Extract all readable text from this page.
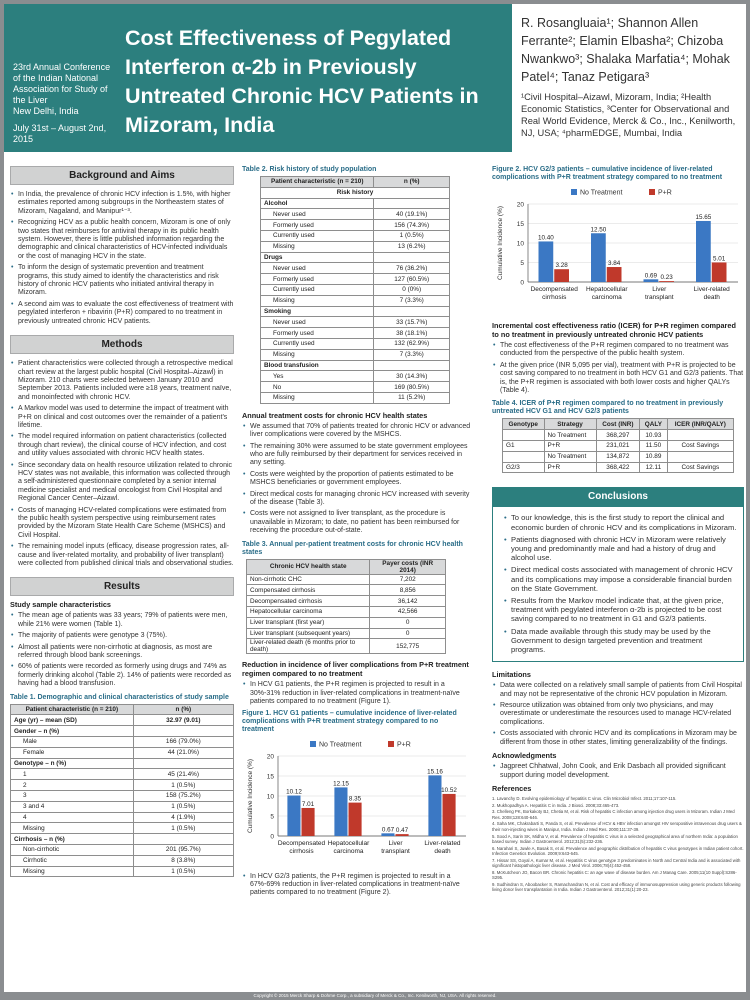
23rd Annual Conference
of the Indian National
Association for Study of
the Liver
New Delhi, India
July 31st – August 2nd, 2015
Cost Effectiveness of Pegylated Interferon α-2b in Previously Untreated Chronic HCV Patients in Mizoram, India
R. Rosangluaia¹; Shannon Allen Ferrante²; Elamin Elbasha²; Chizoba Nwankwo³; Shalaka Marfatia⁴; Mohak Patel⁴; Tanaz Petigara³
¹Civil Hospital–Aizawl, Mizoram, India; ²Health Economic Statistics, ³Center for Observational and Real World Evidence, Merck & Co., Inc., Kenilworth, NJ, USA; ⁴pharmEDGE, Mumbai, India
Background and Aims
• In India, the prevalence of chronic HCV infection is 1.5%, with higher estimates reported among subgroups in the Northeastern states of Mizoram, Nagaland, and Manipur¹⁻³.
• Recognizing HCV as a public health concern, Mizoram is one of only two states that reimburses for antiviral therapy in its public health system. However, there is little published information regarding the demographic and clinical characteristics of HCV-infected individuals or the cost of managing HCV in the state.
• To inform the design of systematic prevention and treatment programs, this study aimed to identify the characteristics and risk history of chronic HCV patients who initiated antiviral therapy in Mizoram.
• A second aim was to evaluate the cost effectiveness of treatment with pegylated interferon + ribavirin (P+R) compared to no treatment in previously untreated chronic HCV patients.
Methods
• Patient characteristics were collected through a retrospective medical chart review at the largest public hospital (Civil Hospital–Aizawl) in Mizoram. 210 charts were selected between January 2010 and September 2013. Patients included were ≥18 years, treatment naïve, and monoinfected with chronic HCV.
• A Markov model was used to determine the impact of treatment with P+R on clinical and cost outcomes over the remainder of a patient's lifetime.
• The model required information on patient characteristics (collected through chart review), the clinical course of HCV infection, and cost and utility values associated with chronic HCV health states.
• Since secondary data on health resource utilization related to chronic HCV states was not available, this information was collected through a self-administered questionnaire completed by a senior internal medicine specialist and medical oncologist from Civil Hospital and Regional Cancer Center–Aizawl.
• Costs of managing HCV-related complications were estimated from the public health system perspective using reimbursement rates provided by the Mizoram State Health Care Scheme (MSHCS) and Civil Hospital.
• The remaining model inputs (efficacy, disease progression rates, all-cause and liver-related mortality, and probability of liver transplant) were collected from published clinical trials and observational studies.
Results
Study sample characteristics
• The mean age of patients was 33 years; 79% of patients were men, while 21% were women (Table 1).
• The majority of patients were genotype 3 (75%).
• Almost all patients were non-cirrhotic at diagnosis, as most are referred through blood bank screenings.
• 60% of patients were recorded as formerly using drugs and 74% as formerly drinking alcohol (Table 2). 14% of patients were recorded as having had a blood transfusion.
Table 1. Demographic and clinical characteristics of study sample
Patient characteristic (n = 210)	n (%)
Age (yr) – mean (SD)	32.97 (9.01)
Gender – n (%)	
Male	166 (79.0%)
Female	44 (21.0%)
Genotype – n (%)	
1	45 (21.4%)
2	1 (0.5%)
3	158 (75.2%)
3 and 4	1 (0.5%)
4	4 (1.9%)
Missing	1 (0.5%)
Cirrhosis – n (%)	
Non-cirrhotic	201 (95.7%)
Cirrhotic	8 (3.8%)
Missing	1 (0.5%)
Table 2. Risk history of study population
Patient characteristic (n = 210)	n (%)
Risk history	
Alcohol	
Never used	40 (19.1%)
Formerly used	156 (74.3%)
Currently used	1 (0.5%)
Missing	13 (6.2%)
Drugs	
Never used	76 (36.2%)
Formerly used	127 (60.5%)
Currently used	0 (0%)
Missing	7 (3.3%)
Smoking	
Never used	33 (15.7%)
Formerly used	38 (18.1%)
Currently used	132 (62.9%)
Missing	7 (3.3%)
Blood transfusion	
Yes	30 (14.3%)
No	169 (80.5%)
Missing	11 (5.2%)
Annual treatment costs for chronic HCV health states
• We assumed that 70% of patients treated for chronic HCV or advanced liver complications were covered by the MSHCS.
• The remaining 30% were assumed to be state government employees who are fully reimbursed by their department for services received in any setting.
• Costs were weighted by the proportion of patients estimated to be MSHCS beneficiaries or government employees.
• Direct medical costs for managing chronic HCV increased with severity of the disease (Table 3).
• Costs were not assigned to liver transplant, as the procedure is unavailable in Mizoram; to date, no patient has been reimbursed for receiving the procedure out-of-state.
Table 3. Annual per-patient treatment costs for chronic HCV health states
Chronic HCV health state	Payer costs (INR 2014)
Non-cirrhotic CHC	7,202
Compensated cirrhosis	8,856
Decompensated cirrhosis	36,142
Hepatocellular carcinoma	42,566
Liver transplant (first year)	0
Liver transplant (subsequent years)	0
Liver-related death (6 months prior to death)	152,775
Reduction in incidence of liver complications from P+R treatment regimen compared to no treatment
• In HCV G1 patients, the P+R regimen is projected to result in a 30%-31% reduction in liver-related complications in treatment-naïve patients compared to no treatment (Figure 1).
Figure 1. HCV G1 patients – cumulative incidence of liver-related complications with P+R treatment strategy compared to no treatment
0
5
10
15
20
Cumulative Incidence (%)
No Treatment	P+R
10.12
7.01
Decompensated
cirrhosis
12.15
8.35
Hepatocellular
carcinoma
0.67 0.47
Liver
transplant
15.16
10.52
Liver-related
death
• In HCV G2/3 patients, the P+R regimen is projected to result in a 67%-69% reduction in liver-related complications in treatment-naïve patients compared to no treatment (Figure 2).
Figure 2. HCV G2/3 patients – cumulative incidence of liver-related complications with P+R treatment strategy compared to no treatment
0
5
10
15
20
Cumulative Incidence (%)
No Treatment	P+R
10.40
3.28
Decompensated
cirrhosis
12.50
3.84
Hepatocellular
carcinoma
0.69 0.23
Liver
transplant
15.65
5.01
Liver-related
death
Incremental cost effectiveness ratio (ICER) for P+R regimen compared to no treatment in previously untreated chronic HCV patients
• The cost effectiveness of the P+R regimen compared to no treatment was conducted from the perspective of the public health system.
• At the given price (INR 5,095 per vial), treatment with P+R is projected to be cost saving compared to no treatment in both HCV G1 and G2/3 patients. That is, the P+R regimen is associated with both lower costs and higher QALYs (Table 4).
Table 4. ICER of P+R regimen compared to no treatment in previously untreated HCV G1 and HCV G2/3 patients
Genotype	Strategy	Cost (INR)	QALY	ICER (INR/QALY)
	No Treatment	368,297	10.93	
G1	P+R	231,021	11.50	Cost Savings
	No Treatment	134,872	10.89	
G2/3	P+R	368,422	12.11	Cost Savings
Conclusions
• To our knowledge, this is the first study to report the clinical and economic burden of chronic HCV and its complications in Mizoram.
• Patients diagnosed with chronic HCV in Mizoram were relatively young and predominantly male and had a history of drug and alcohol use.
• Direct medical costs associated with management of chronic HCV and its complications may impose a considerable financial burden on the State Government.
• Results from the Markov model indicate that, at the given price, treatment with pegylated interferon α-2b is projected to be cost saving compared to no treatment in G1 and G2/3 patients.
• Data made available through this study may be used by the Government to design targeted prevention and treatment programs.
Limitations
• Data were collected on a relatively small sample of patients from Civil Hospital and may not be representative of the chronic HCV population in Mizoram.
• Resource utilization was obtained from only two physicians, and may overestimate or underestimate the resources used to manage HCV-related complications.
• Costs associated with chronic HCV and its complications in Mizoram may be different from those in other states, limiting generalizability of the findings.
Acknowledgments
• Jagpreet Chhatwal, John Cook, and Erik Dasbach all provided significant support during model development.
References
1. Lavanchy D. Evolving epidemiology of hepatitis C virus. Clin Microbiol Infect. 2011;17:107-115.
2. Mukhopadhya A. Hepatitis C in India. J Biosci. 2008;33:465-473.
3. Chelleng PK, Borkakoty BJ, Chetia M, et al. Risk of hepatitis C infection among injection drug users in Mizoram. Indian J Med Res. 2008;128:640-646.
4. Saha MK, Chakrabarti S, Panda S, et al. Prevalence of HCV & HBV infection amongst HIV seropositive intravenous drug users & their non-injecting wives in Manipur, India. Indian J Med Res. 2000;111:37-39.
5. Sood A, Sarin SK, Midha V, et al. Prevalence of hepatitis C virus in a selected geographical area of northern India: a population based survey. Indian J Gastroenterol. 2012;31(5):232-236.
6. Narahari S, Juwle A, Basak S, et al. Prevalence and geographic distribution of hepatitis C virus genotypes in Indian patient cohort. Infection Genetics Evolution. 2009;9:643-645.
7. Hissar SS, Goyal A, Kumar M, et al. Hepatitis C virus genotype 3 predominates in North and Central India and is associated with significant histopathologic liver disease. J Med Virol. 2006;78(4):452-458.
8. McKutcheon JO, Bacon BR. Chronic hepatitis C: an age wave of disease burden. Am J Manag Care. 2005;11(10 Suppl):S286-S295.
9. Sudhindran S, Aboobacker S, Ramachandran N, et al. Cost and efficacy of immunosuppression using generic products following living donor liver transplantation in India. Indian J Gastroenterol. 2012;31(1):20-23.
Copyright © 2015 Merck Sharp & Dohme Corp., a subsidiary of Merck & Co., Inc. Kenilworth, NJ, USA. All rights reserved.
